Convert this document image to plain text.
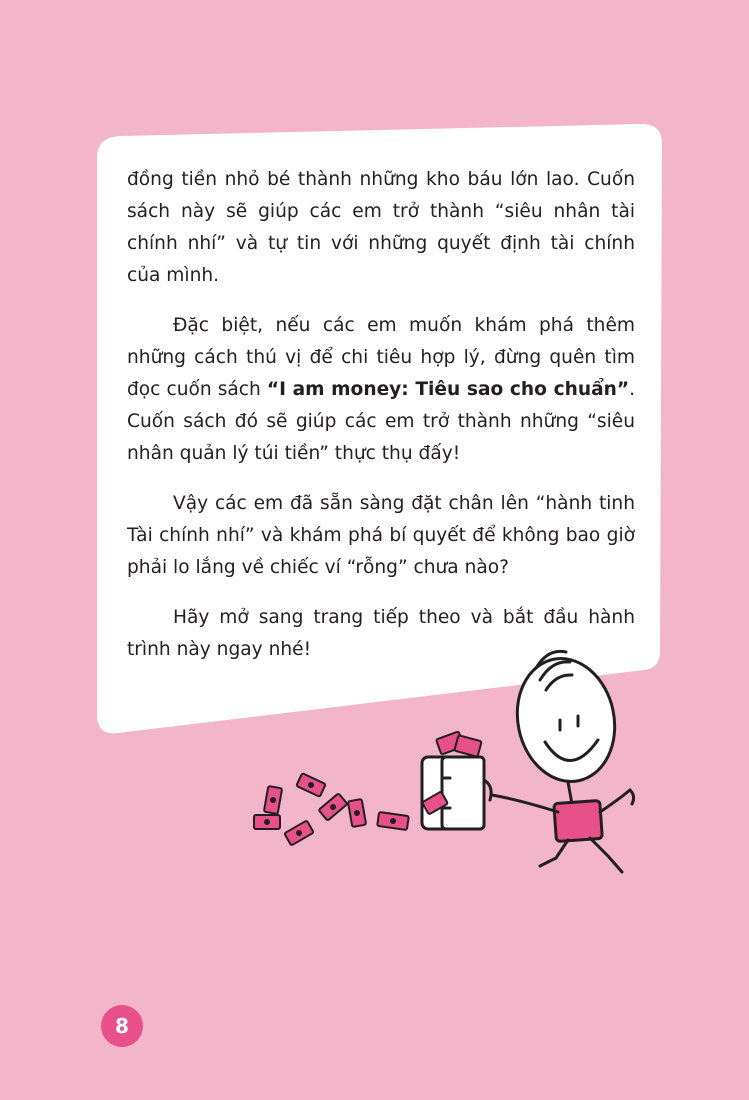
đồng tiền nhỏ bé thành những kho báu lớn lao. Cuốn sách này sẽ giúp các em trở thành “siêu nhân tài chính nhí” và tự tin với những quyết định tài chính của mình.

Đặc biệt, nếu các em muốn khám phá thêm những cách thú vị để chi tiêu hợp lý, đừng quên tìm đọc cuốn sách “I am money: Tiêu sao cho chuẩn”. Cuốn sách đó sẽ giúp các em trở thành những “siêu nhân quản lý túi tiền” thực thụ đấy!

Vậy các em đã sẵn sàng đặt chân lên “hành tinh Tài chính nhí” và khám phá bí quyết để không bao giờ phải lo lắng về chiếc ví “rỗng” chưa nào?

Hãy mở sang trang tiếp theo và bắt đầu hành trình này ngay nhé!

8
